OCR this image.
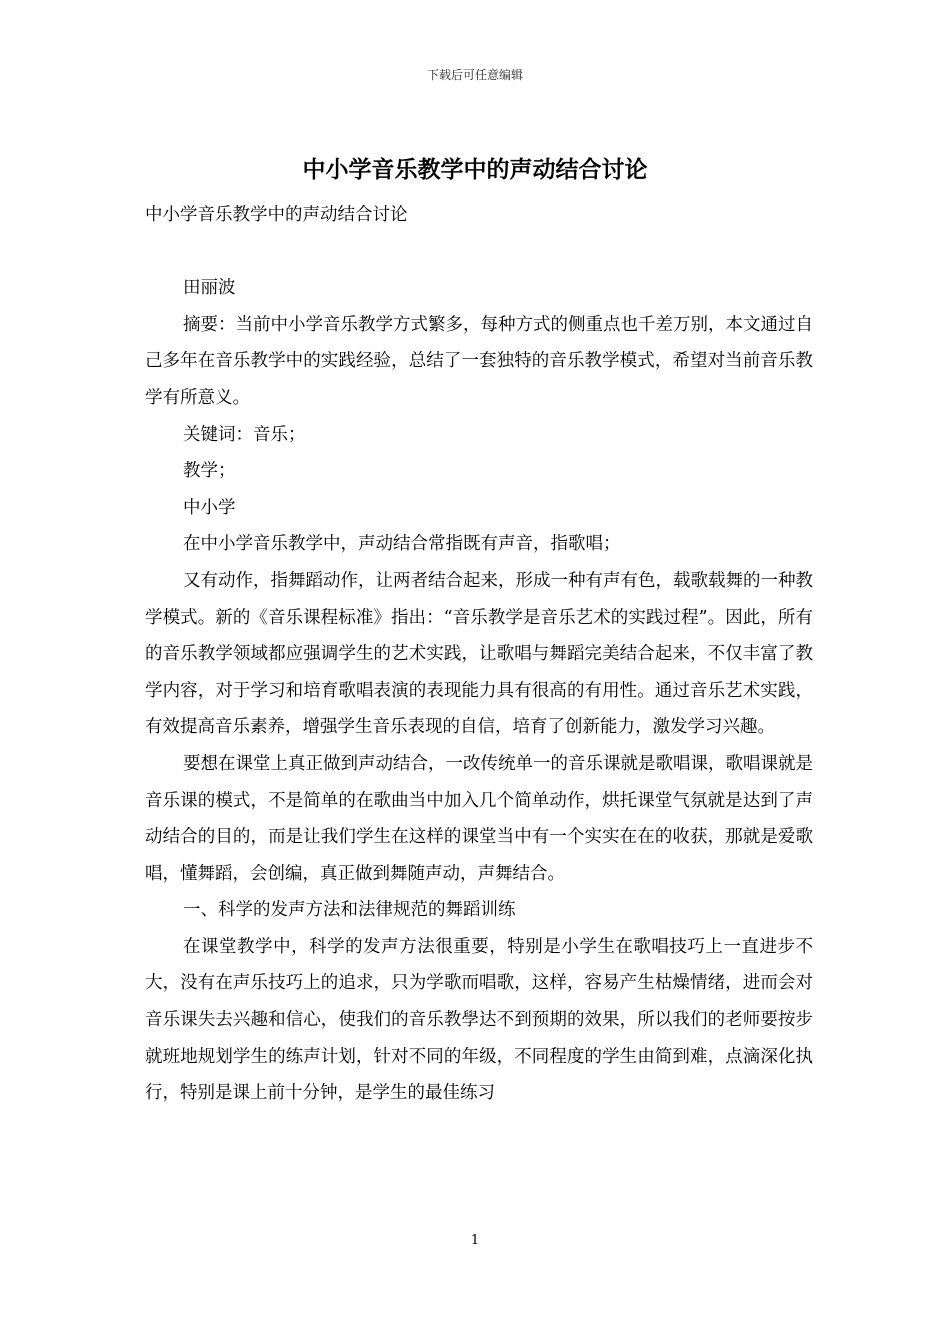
下载后可任意编辑
中小学音乐教学中的声动结合讨论

中小学音乐教学中的声动结合讨论

田丽波

摘要：当前中小学音乐教学方式繁多，每种方式的侧重点也千差万别，本文通过自己多年在音乐教学中的实践经验，总结了一套独特的音乐教学模式，希望对当前音乐教学有所意义。

关键词：音乐；

教学；

中小学

在中小学音乐教学中，声动结合常指既有声音，指歌唱；

又有动作，指舞蹈动作，让两者结合起来，形成一种有声有色，载歌载舞的一种教学模式。新的《音乐课程标准》指出：“音乐教学是音乐艺术的实践过程”。因此，所有的音乐教学领域都应强调学生的艺术实践，让歌唱与舞蹈完美结合起来，不仅丰富了教学内容，对于学习和培育歌唱表演的表现能力具有很高的有用性。通过音乐艺术实践，有效提高音乐素养，增强学生音乐表现的自信，培育了创新能力，激发学习兴趣。

要想在课堂上真正做到声动结合，一改传统单一的音乐课就是歌唱课，歌唱课就是音乐课的模式，不是简单的在歌曲当中加入几个简单动作，烘托课堂气氛就是达到了声动结合的目的，而是让我们学生在这样的课堂当中有一个实实在在的收获，那就是爱歌唱，懂舞蹈，会创编，真正做到舞随声动，声舞结合。

一、科学的发声方法和法律规范的舞蹈训练

在课堂教学中，科学的发声方法很重要，特别是小学生在歌唱技巧上一直进步不大，没有在声乐技巧上的追求，只为学歌而唱歌，这样，容易产生枯燥情绪，进而会对音乐课失去兴趣和信心，使我们的音乐教學达不到预期的效果，所以我们的老师要按步就班地规划学生的练声计划，针对不同的年级，不同程度的学生由简到难，点滴深化执行，特别是课上前十分钟，是学生的最佳练习

1
